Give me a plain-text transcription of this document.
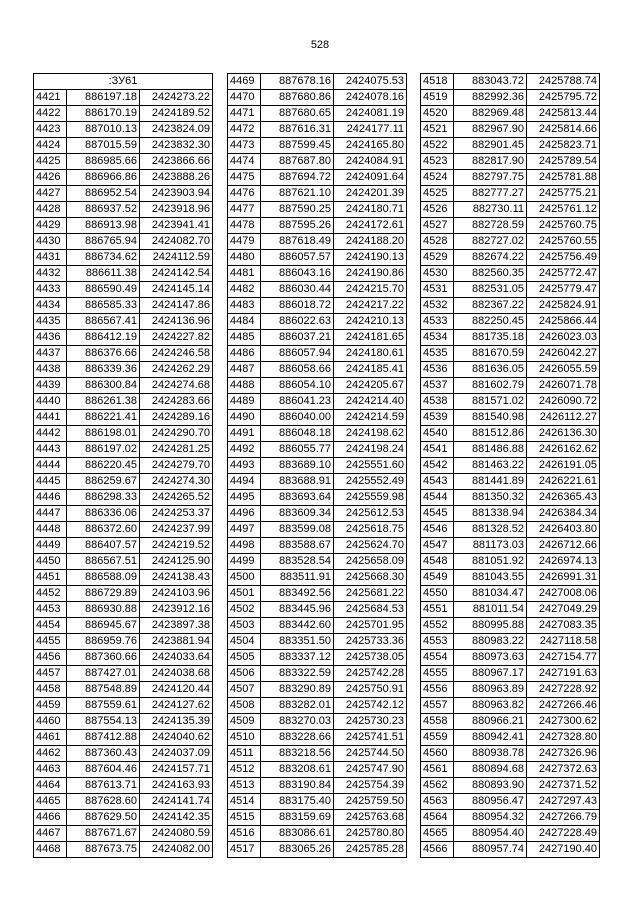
528
:ЗУ61		
4421	886197.18	2424273.22
4422	886170.19	2424189.52
4423	887010.13	2423824.09
4424	887015.59	2423832.30
4425	886985.66	2423866.66
4426	886966.86	2423888.26
4427	886952.54	2423903.94
4428	886937.52	2423918.96
4429	886913.98	2423941.41
4430	886765.94	2424082.70
4431	886734.62	2424112.59
4432	886611.38	2424142.54
4433	886590.49	2424145.14
4434	886585.33	2424147.86
4435	886567.41	2424136.96
4436	886412.19	2424227.82
4437	886376.66	2424246.58
4438	886339.36	2424262.29
4439	886300.84	2424274.68
4440	886261.38	2424283.66
4441	886221.41	2424289.16
4442	886198.01	2424290.70
4443	886197.02	2424281.25
4444	886220.45	2424279.70
4445	886259.67	2424274.30
4446	886298.33	2424265.52
4447	886336.06	2424253.37
4448	886372.60	2424237.99
4449	886407.57	2424219.52
4450	886567.51	2424125.90
4451	886588.09	2424138.43
4452	886729.89	2424103.96
4453	886930.88	2423912.16
4454	886945.67	2423897.38
4455	886959.76	2423881.94
4456	887360.66	2424033.64
4457	887427.01	2424038.68
4458	887548.89	2424120.44
4459	887559.61	2424127.62
4460	887554.13	2424135.39
4461	887412.88	2424040.62
4462	887360.43	2424037.09
4463	887604.46	2424157.71
4464	887613.71	2424163.93
4465	887628.60	2424141.74
4466	887629.50	2424142.35
4467	887671.67	2424080.59
4468	887673.75	2424082.00
4469	887678.16	2424075.53
4470	887680.86	2424078.16
4471	887680.65	2424081.19
4472	887616.31	2424177.11
4473	887599.45	2424165.80
4474	887687.80	2424084.91
4475	887694.72	2424091.64
4476	887621.10	2424201.39
4477	887590.25	2424180.71
4478	887595.26	2424172.61
4479	887618.49	2424188.20
4480	886057.57	2424190.13
4481	886043.16	2424190.86
4482	886030.44	2424215.70
4483	886018.72	2424217.22
4484	886022.63	2424210.13
4485	886037.21	2424181.65
4486	886057.94	2424180.61
4487	886058.66	2424185.41
4488	886054.10	2424205.67
4489	886041.23	2424214.40
4490	886040.00	2424214.59
4491	886048.18	2424198.62
4492	886055.77	2424198.24
4493	883689.10	2425551.60
4494	883688.91	2425552.49
4495	883693.64	2425559.98
4496	883609.34	2425612.53
4497	883599.08	2425618.75
4498	883588.67	2425624.70
4499	883528.54	2425658.09
4500	883511.91	2425668.30
4501	883492.56	2425681.22
4502	883445.96	2425684.53
4503	883442.60	2425701.95
4504	883351.50	2425733.36
4505	883337.12	2425738.05
4506	883322.59	2425742.28
4507	883290.89	2425750.91
4508	883282.01	2425742.12
4509	883270.03	2425730.23
4510	883228.66	2425741.51
4511	883218.56	2425744.50
4512	883208.61	2425747.90
4513	883190.84	2425754.39
4514	883175.40	2425759.50
4515	883159.69	2425763.68
4516	883086.61	2425780.80
4517	883065.26	2425785.28
4518	883043.72	2425788.74
4519	882992.36	2425795.72
4520	882969.48	2425813.44
4521	882967.90	2425814.66
4522	882901.45	2425823.71
4523	882817.90	2425789.54
4524	882797.75	2425781.88
4525	882777.27	2425775.21
4526	882730.11	2425761.12
4527	882728.59	2425760.75
4528	882727.02	2425760.55
4529	882674.22	2425756.49
4530	882560.35	2425772.47
4531	882531.05	2425779.47
4532	882367.22	2425824.91
4533	882250.45	2425866.44
4534	881735.18	2426023.03
4535	881670.59	2426042.27
4536	881636.05	2426055.59
4537	881602.79	2426071.78
4538	881571.02	2426090.72
4539	881540.98	2426112.27
4540	881512.86	2426136.30
4541	881486.88	2426162.62
4542	881463.22	2426191.05
4543	881441.89	2426221.61
4544	881350.32	2426365.43
4545	881338.94	2426384.34
4546	881328.52	2426403.80
4547	881173.03	2426712.66
4548	881051.92	2426974.13
4549	881043.55	2426991.31
4550	881034.47	2427008.06
4551	881011.54	2427049.29
4552	880995.88	2427083.35
4553	880983.22	2427118.58
4554	880973.63	2427154.77
4555	880967.17	2427191.63
4556	880963.89	2427228.92
4557	880963.82	2427266.46
4558	880966.21	2427300.62
4559	880942.41	2427328.80
4560	880938.78	2427326.96
4561	880894.68	2427372.63
4562	880893.90	2427371.52
4563	880956.47	2427297.43
4564	880954.32	2427266.79
4565	880954.40	2427228.49
4566	880957.74	2427190.40
